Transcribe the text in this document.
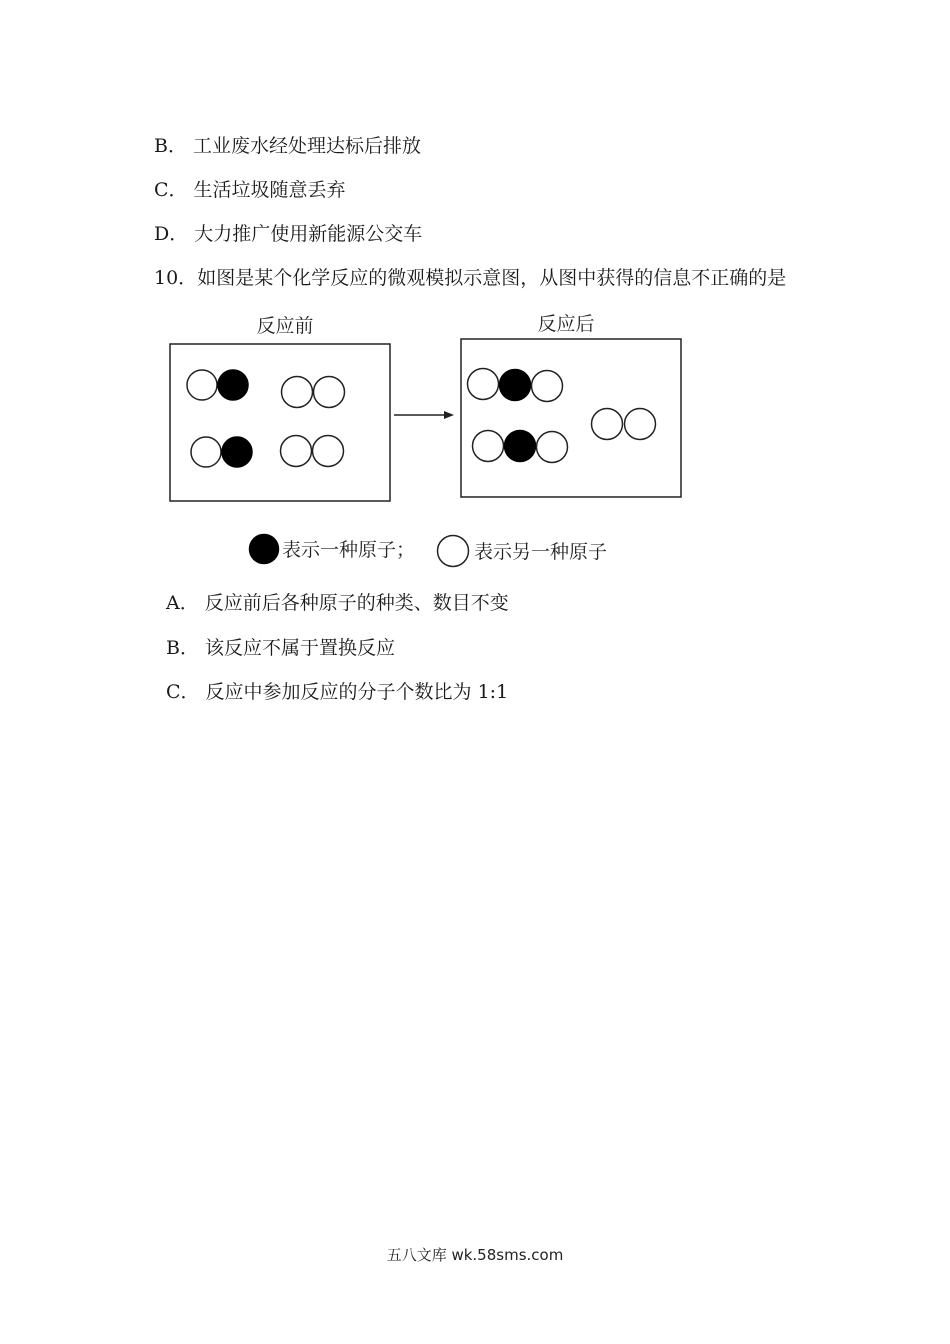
B． 工业废水经处理达标后排放
C． 生活垃圾随意丢弃
D． 大力推广使用新能源公交车
10．如图是某个化学反应的微观模拟示意图，从图中获得的信息不正确的是
反应前	反应后
表示一种原子；	表示另一种原子
A． 反应前后各种原子的种类、数目不变
B． 该反应不属于置换反应
C． 反应中参加反应的分子个数比为 1:1
五八文库 wk.58sms.com
